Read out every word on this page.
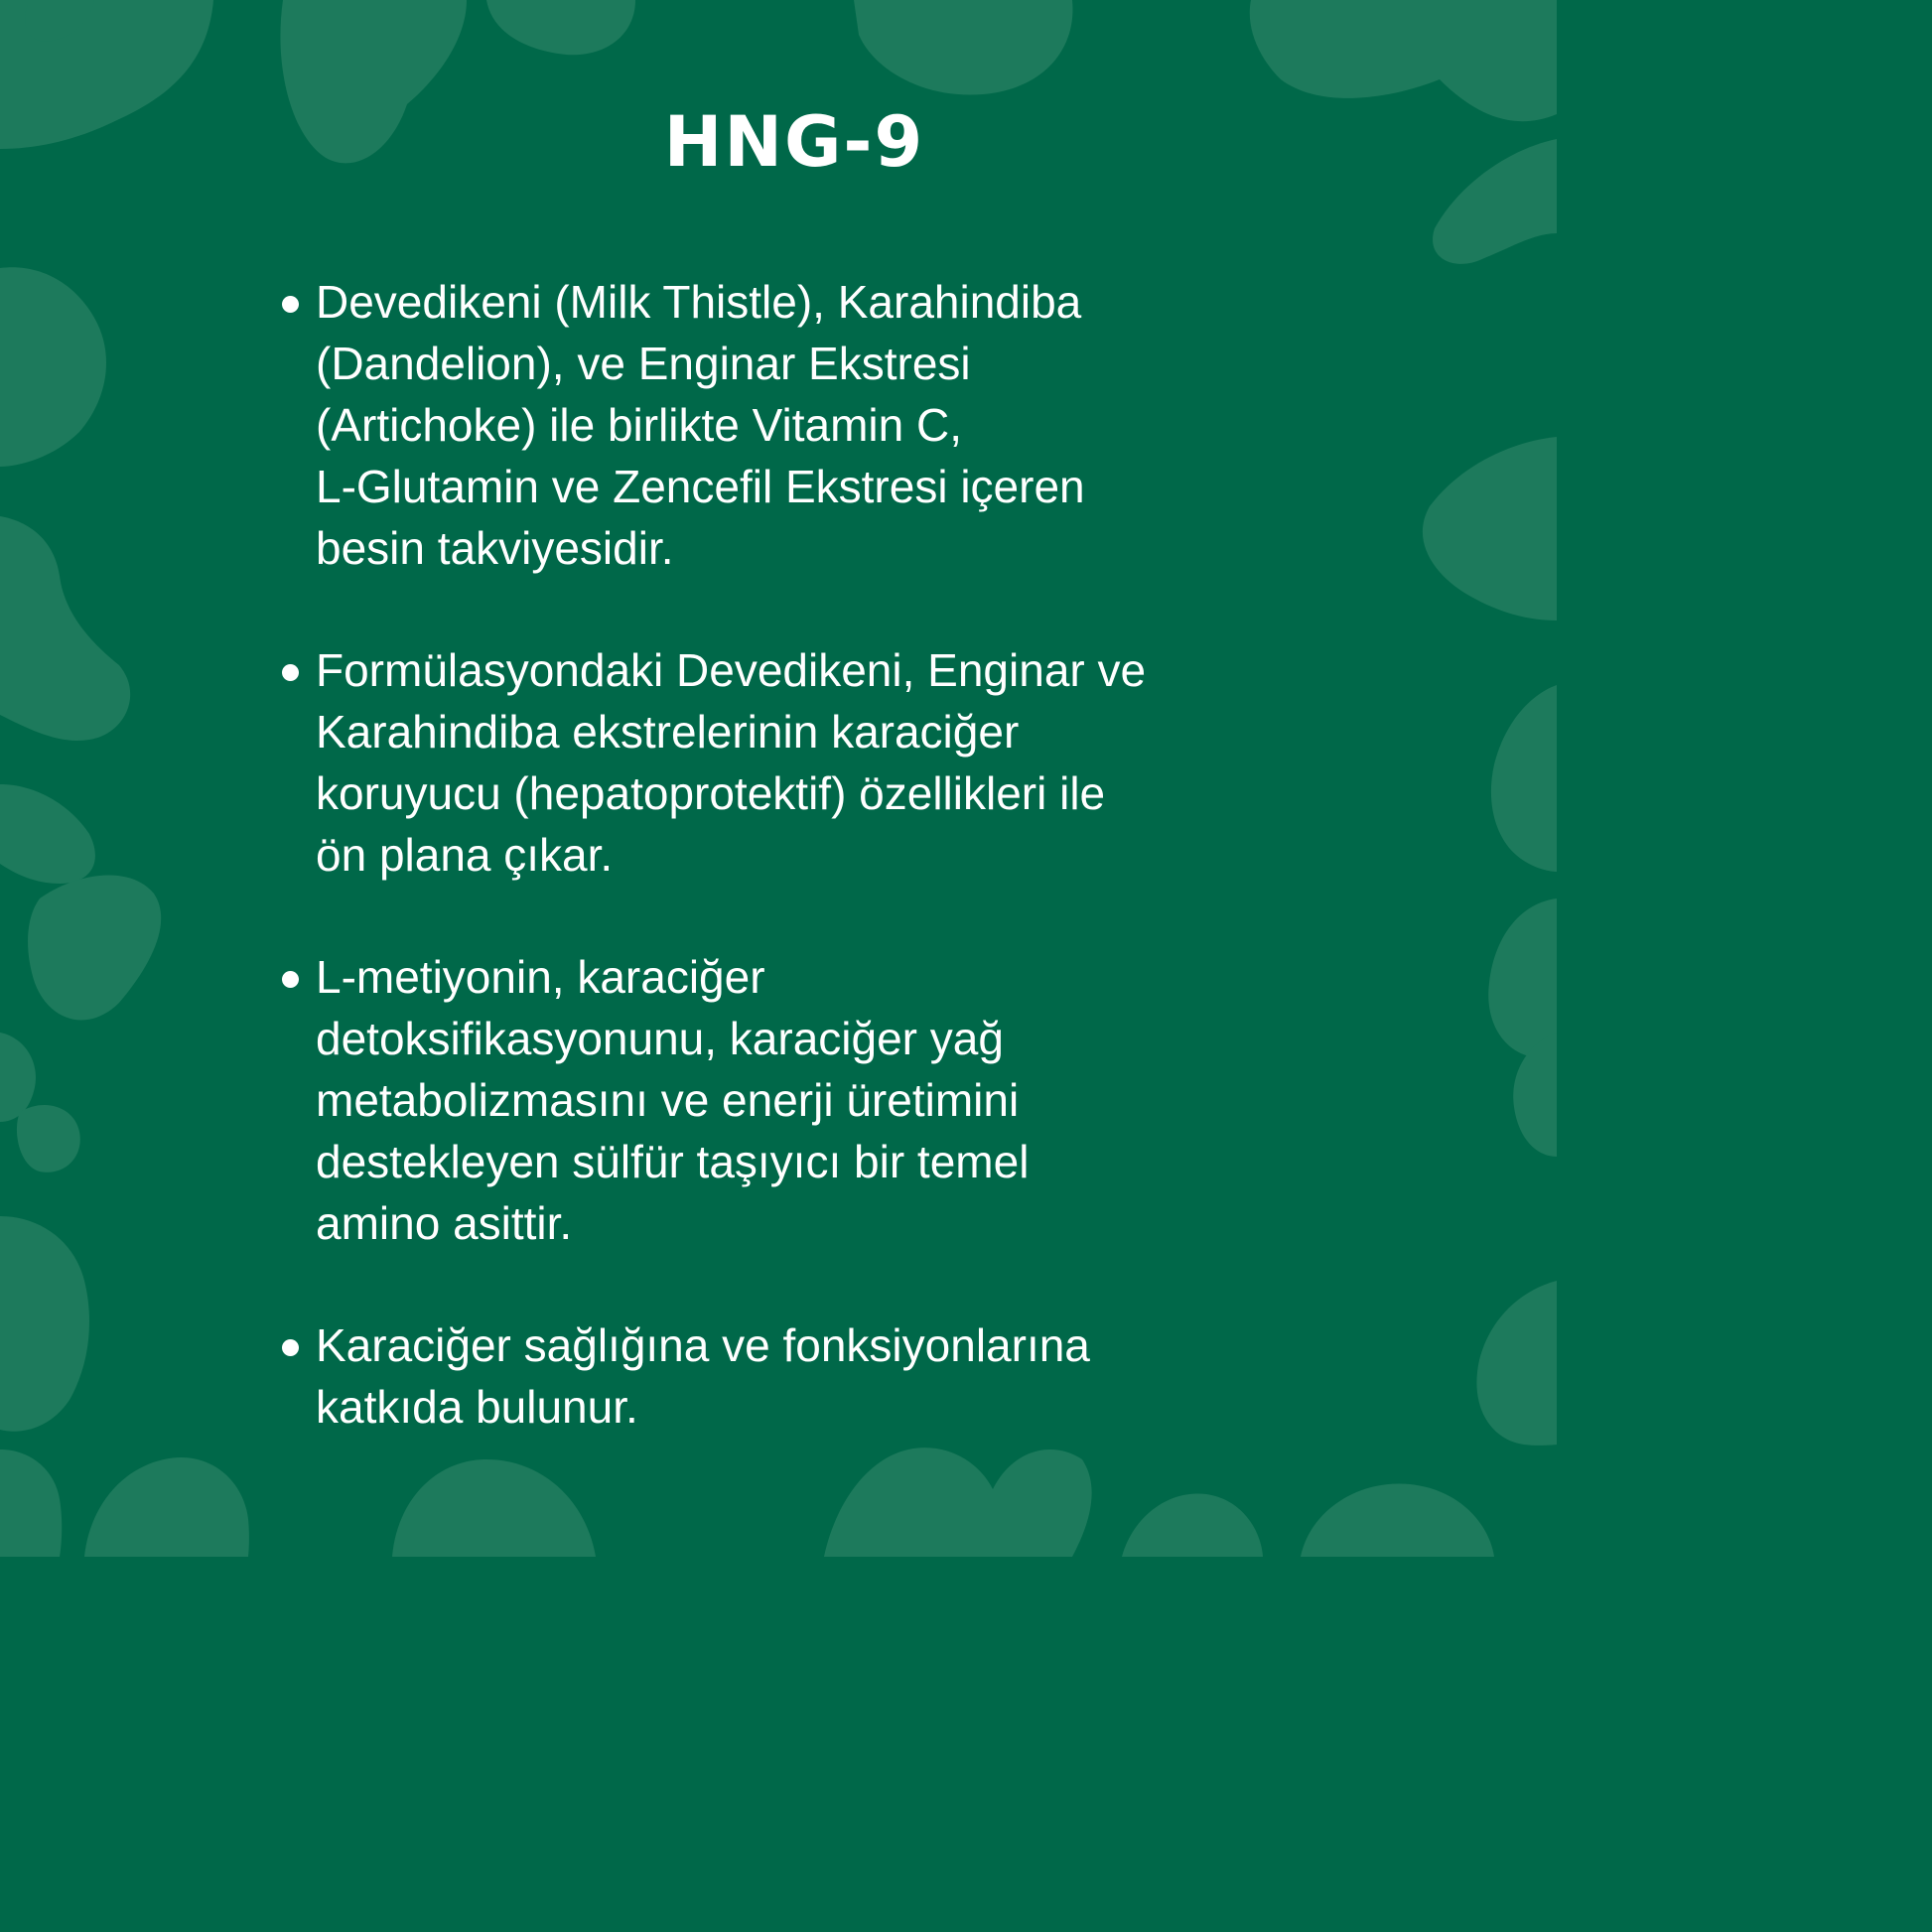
HNG-9
Devedikeni (Milk Thistle), Karahindiba
(Dandelion), ve Enginar Ekstresi
(Artichoke) ile birlikte Vitamin C,
L-Glutamin ve Zencefil Ekstresi içeren
besin takviyesidir.
Formülasyondaki Devedikeni, Enginar ve
Karahindiba ekstrelerinin karaciğer
koruyucu (hepatoprotektif) özellikleri ile
ön plana çıkar.
L-metiyonin, karaciğer
detoksifikasyonunu, karaciğer yağ
metabolizmasını ve enerji üretimini
destekleyen sülfür taşıyıcı bir temel
amino asittir.
Karaciğer sağlığına ve fonksiyonlarına
katkıda bulunur.
